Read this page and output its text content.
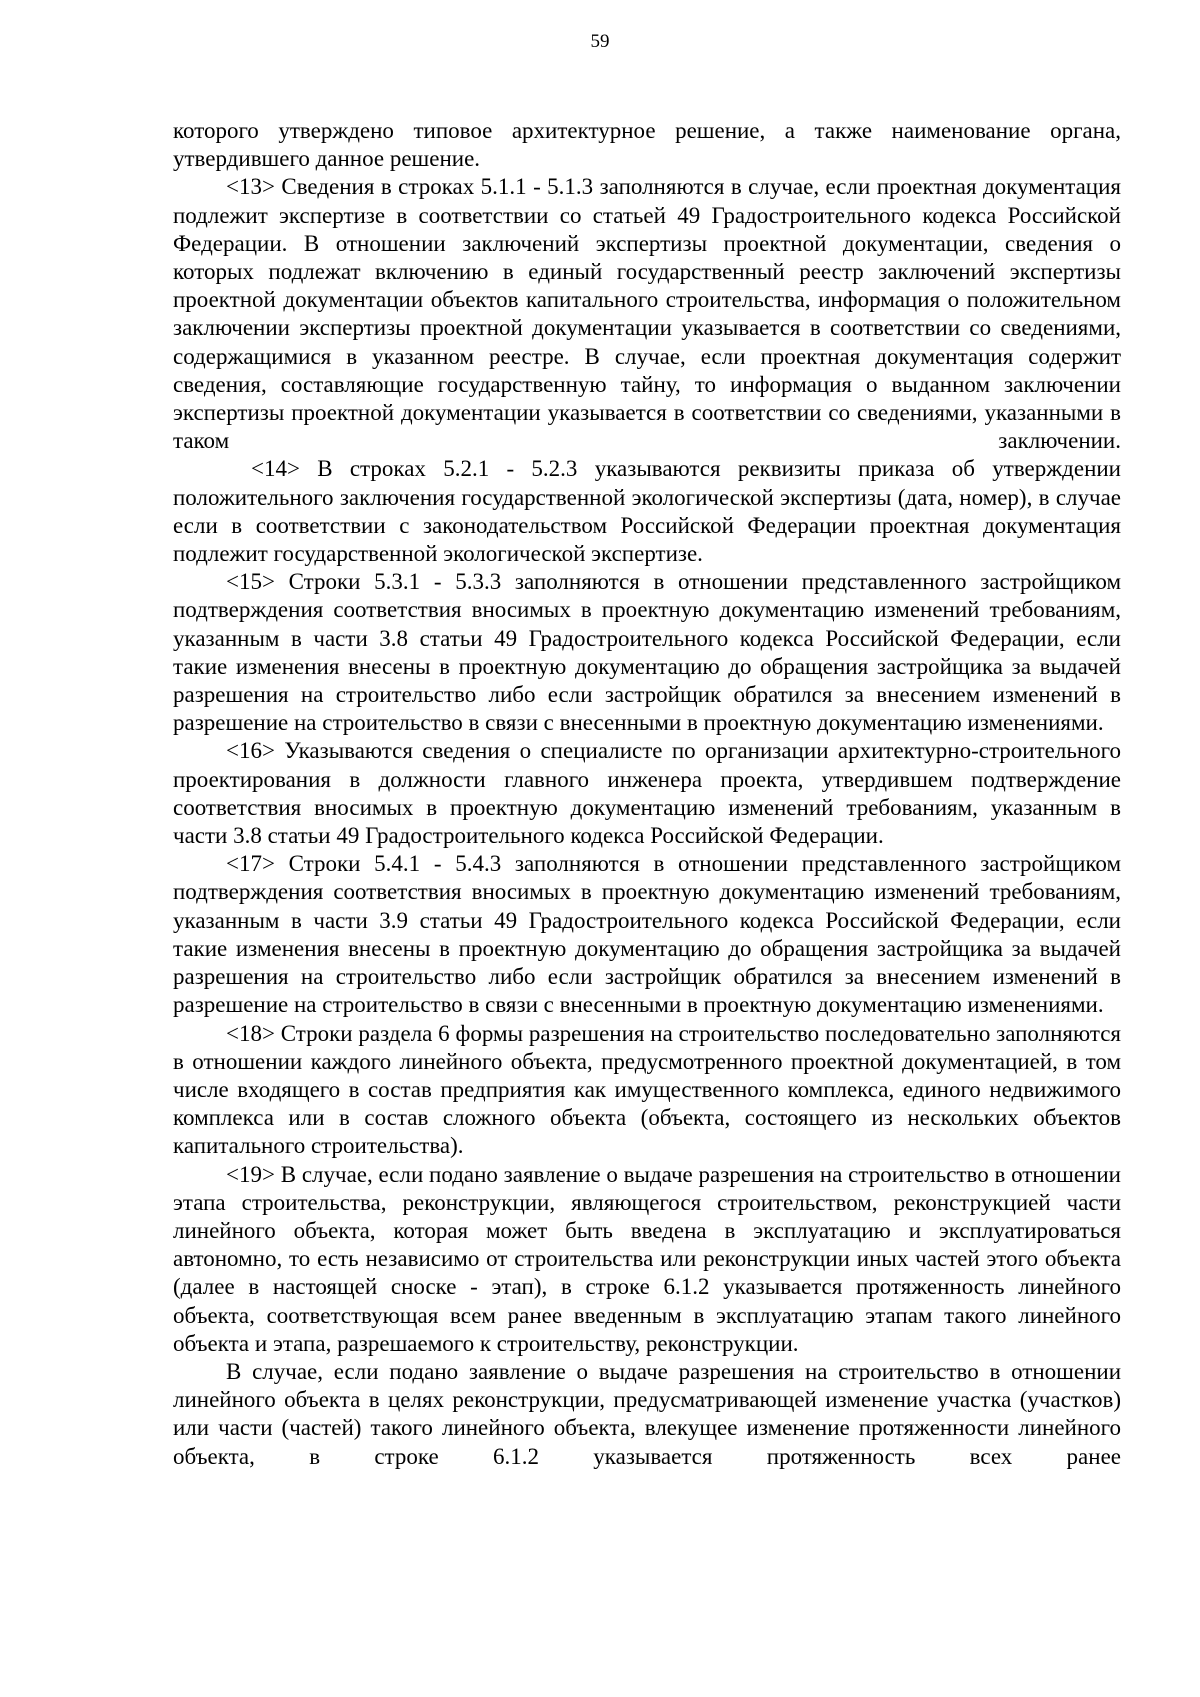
59

которого утверждено типовое архитектурное решение, а также наименование органа, утвердившего данное решение.

<13> Сведения в строках 5.1.1 - 5.1.3 заполняются в случае, если проектная документация подлежит экспертизе в соответствии со статьей 49 Градостроительного кодекса Российской Федерации. В отношении заключений экспертизы проектной документации, сведения о которых подлежат включению в единый государственный реестр заключений экспертизы проектной документации объектов капитального строительства, информация о положительном заключении экспертизы проектной документации указывается в соответствии со сведениями, содержащимися в указанном реестре. В случае, если проектная документация содержит сведения, составляющие государственную тайну, то информация о выданном заключении экспертизы проектной документации указывается в соответствии со сведениями, указанными в таком заключении.

<14> В строках 5.2.1 - 5.2.3 указываются реквизиты приказа об утверждении положительного заключения государственной экологической экспертизы (дата, номер), в случае если в соответствии с законодательством Российской Федерации проектная документация подлежит государственной экологической экспертизе.

<15> Строки 5.3.1 - 5.3.3 заполняются в отношении представленного застройщиком подтверждения соответствия вносимых в проектную документацию изменений требованиям, указанным в части 3.8 статьи 49 Градостроительного кодекса Российской Федерации, если такие изменения внесены в проектную документацию до обращения застройщика за выдачей разрешения на строительство либо если застройщик обратился за внесением изменений в разрешение на строительство в связи с внесенными в проектную документацию изменениями.

<16> Указываются сведения о специалисте по организации архитектурно-строительного проектирования в должности главного инженера проекта, утвердившем подтверждение соответствия вносимых в проектную документацию изменений требованиям, указанным в части 3.8 статьи 49 Градостроительного кодекса Российской Федерации.

<17> Строки 5.4.1 - 5.4.3 заполняются в отношении представленного застройщиком подтверждения соответствия вносимых в проектную документацию изменений требованиям, указанным в части 3.9 статьи 49 Градостроительного кодекса Российской Федерации, если такие изменения внесены в проектную документацию до обращения застройщика за выдачей разрешения на строительство либо если застройщик обратился за внесением изменений в разрешение на строительство в связи с внесенными в проектную документацию изменениями.

<18> Строки раздела 6 формы разрешения на строительство последовательно заполняются в отношении каждого линейного объекта, предусмотренного проектной документацией, в том числе входящего в состав предприятия как имущественного комплекса, единого недвижимого комплекса или в состав сложного объекта (объекта, состоящего из нескольких объектов капитального строительства).

<19> В случае, если подано заявление о выдаче разрешения на строительство в отношении этапа строительства, реконструкции, являющегося строительством, реконструкцией части линейного объекта, которая может быть введена в эксплуатацию и эксплуатироваться автономно, то есть независимо от строительства или реконструкции иных частей этого объекта (далее в настоящей сноске - этап), в строке 6.1.2 указывается протяженность линейного объекта, соответствующая всем ранее введенным в эксплуатацию этапам такого линейного объекта и этапа, разрешаемого к строительству, реконструкции.

В случае, если подано заявление о выдаче разрешения на строительство в отношении линейного объекта в целях реконструкции, предусматривающей изменение участка (участков) или части (частей) такого линейного объекта, влекущее изменение протяженности линейного объекта, в строке 6.1.2 указывается протяженность всех ранее
